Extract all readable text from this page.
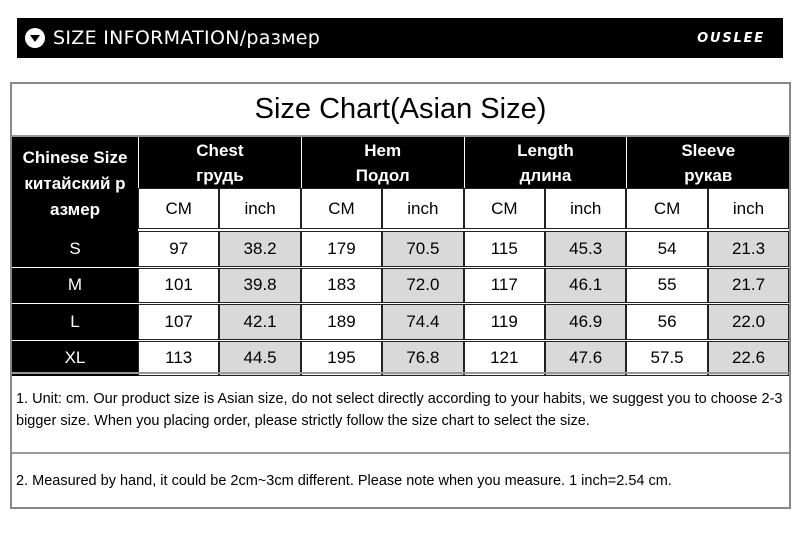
SIZE INFORMATION/размер	OUSLEE
Size Chart(Asian Size)
Chinese Size
китайский р
азмер
Chest
грудь
Hem
Подол
Length
длина
Sleeve
рукав
CM	inch	CM	inch	CM	inch	CM	inch
S	97	38.2	179	70.5	115	45.3	54	21.3
M	101	39.8	183	72.0	117	46.1	55	21.7
L	107	42.1	189	74.4	119	46.9	56	22.0
XL	113	44.5	195	76.8	121	47.6	57.5	22.6
1. Unit: cm. Our product size is Asian size, do not select directly according to your habits, we suggest you to choose 2-3 bigger size. When you placing order, please strictly follow the size chart to select the size.
2. Measured by hand, it could be 2cm~3cm different. Please note when you measure. 1 inch=2.54 cm.
